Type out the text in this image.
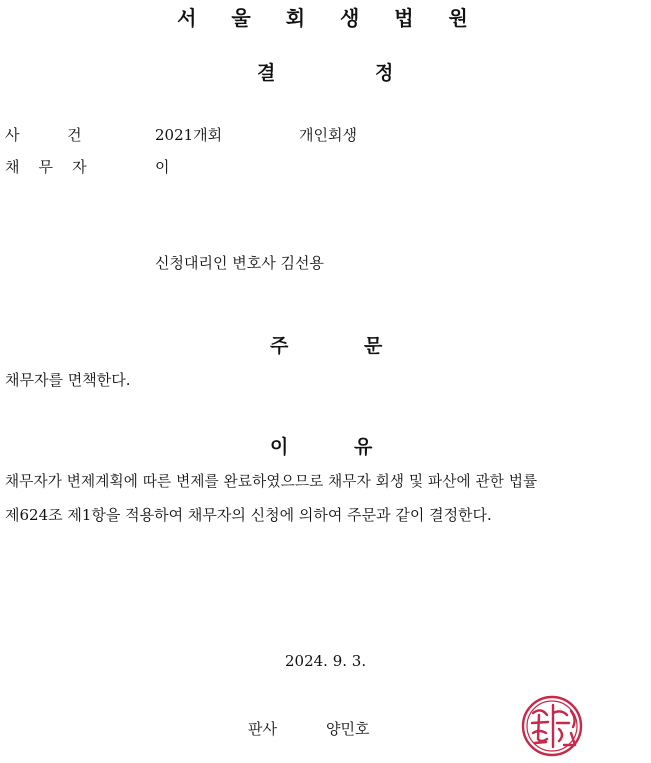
서 울 회 생 법 원
결	정
사          건	2021개회	개인회생
채    무    자	이
신청대리인 변호사 김선용
주	문
채무자를 면책한다.
이	유
채무자가 변제계획에 따른 변제를 완료하였으므로 채무자 회생 및 파산에 관한 법률
제624조 제1항을 적용하여 채무자의 신청에 의하여 주문과 같이 결정한다.
2024. 9. 3.
판사	양민호
